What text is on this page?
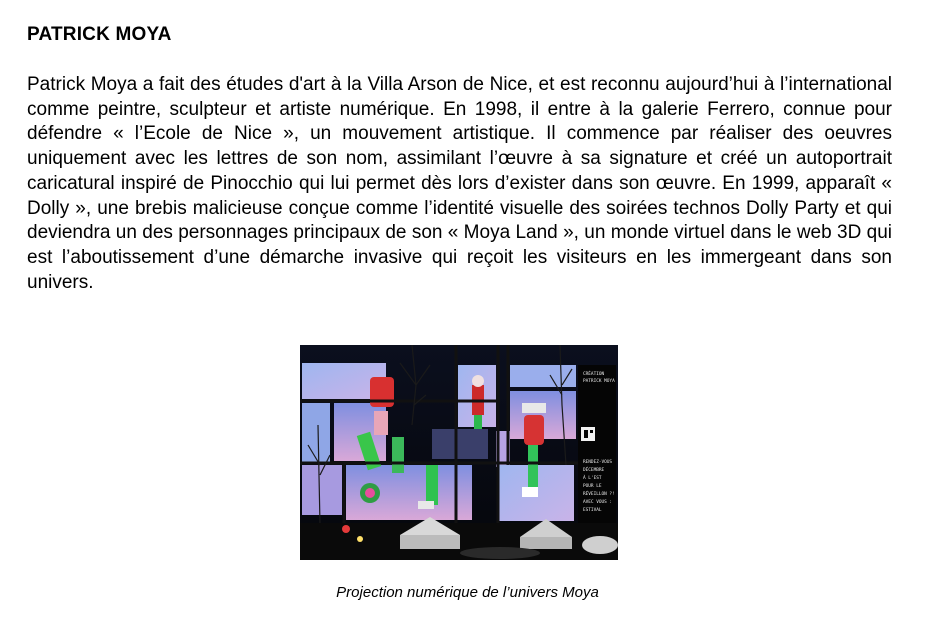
PATRICK MOYA

Patrick Moya a fait des études d'art à la Villa Arson de Nice, et est reconnu aujourd’hui à l’international comme peintre, sculpteur et artiste numérique. En 1998, il entre à la galerie Ferrero, connue pour défendre « l’Ecole de Nice », un mouvement artistique. Il commence par réaliser des oeuvres uniquement avec les lettres de son nom, assimilant l’œuvre à sa signature et créé un autoportrait caricatural inspiré de Pinocchio qui lui permet dès lors d’exister dans son œuvre. En 1999, apparaît « Dolly », une brebis malicieuse conçue comme l’identité visuelle des soirées technos Dolly Party et qui deviendra un des personnages principaux de son « Moya Land », un monde virtuel dans le web 3D qui est l’aboutissement d’une démarche invasive qui reçoit les visiteurs en les immergeant dans son univers.

CRÉATION
PATRICK MOYA
RENDEZ-VOUS
DÉCEMBRE
À L'EST
POUR LE
RÉVEILLON ?!
AVEC VOUS :
ESTIVAL
Projection numérique de l’univers Moya
